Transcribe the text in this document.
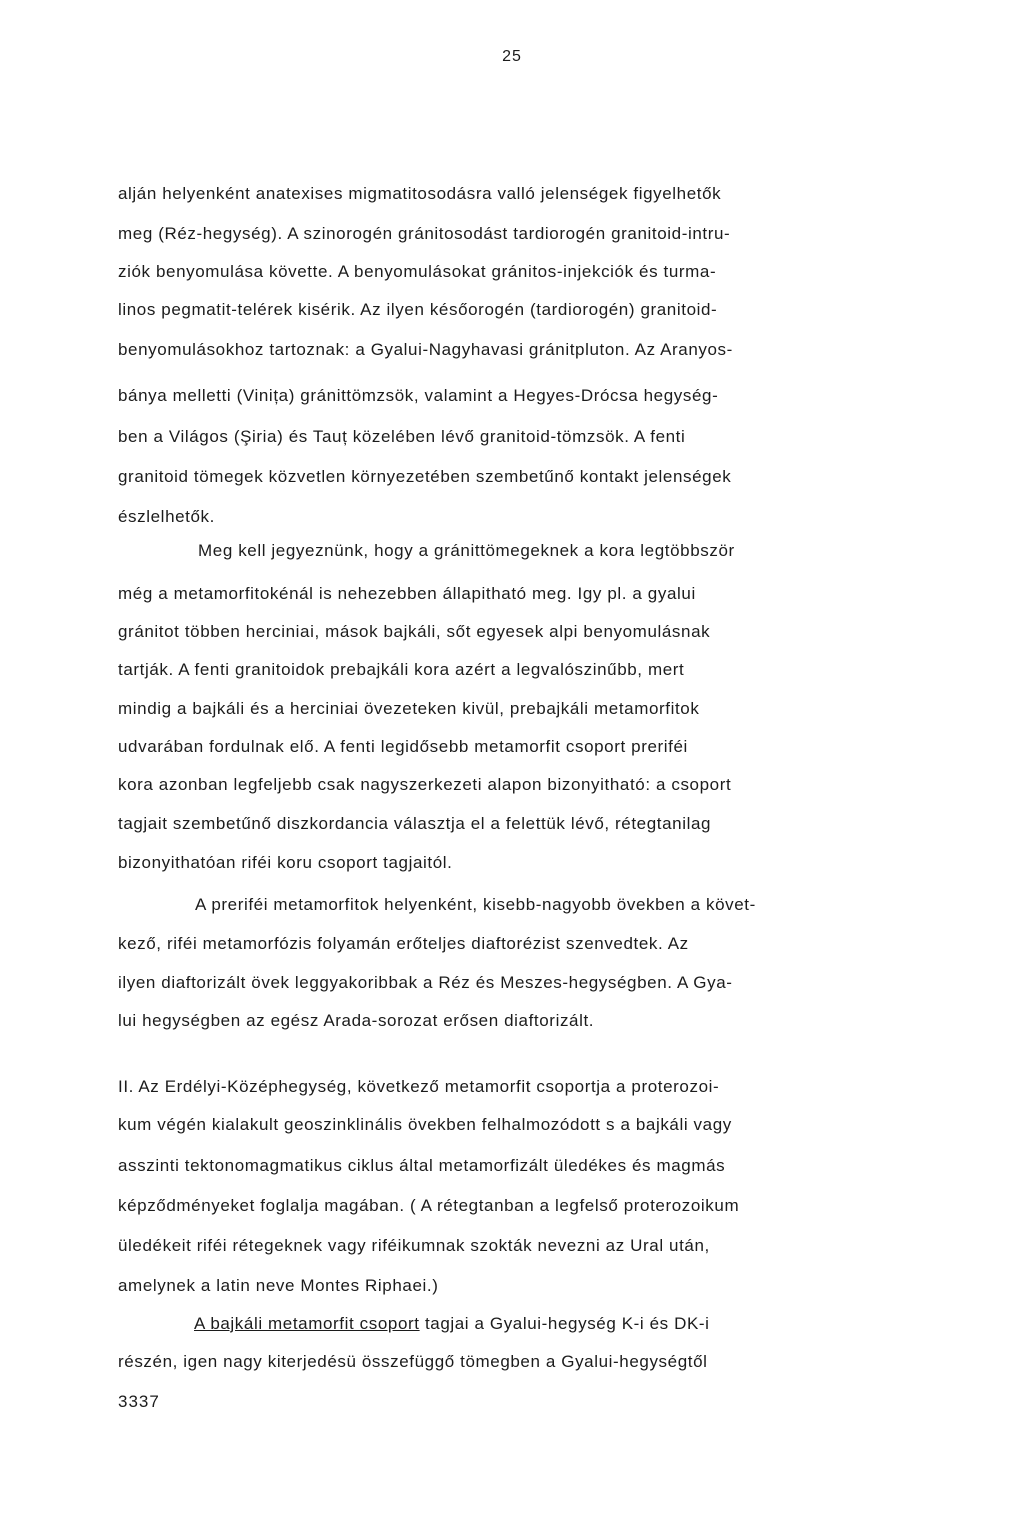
25
alján helyenként anatexises migmatitosodásra valló jelenségek figyelhetők
meg (Réz-hegység). A szinorogén gránitosodást tardiorogén granitoid-intru-
ziók benyomulása követte. A benyomulásokat gránitos-injekciók és turma-
linos pegmatit-telérek kisérik. Az ilyen későorogén (tardiorogén) granitoid-
benyomulásokhoz tartoznak: a Gyalui-Nagyhavasi gránitpluton. Az Aranyos-
bánya melletti (Vinița) gránittömzsök, valamint a Hegyes-Drócsa hegység-
ben a Világos (Şiria) és Tauț közelében lévő granitoid-tömzsök. A fenti
granitoid tömegek közvetlen környezetében szembetűnő kontakt jelenségek
észlelhetők.
Meg kell jegyeznünk, hogy a gránittömegeknek a kora legtöbbször
még a metamorfitokénál is nehezebben állapitható meg. Igy pl. a gyalui
gránitot többen herciniai, mások bajkáli, sőt egyesek alpi benyomulásnak
tartják. A fenti granitoidok prebajkáli kora azért a legvalószinűbb, mert
mindig a bajkáli és a herciniai övezeteken kivül, prebajkáli metamorfitok
udvarában fordulnak elő. A fenti legidősebb metamorfit csoport preriféi
kora azonban legfeljebb csak nagyszerkezeti alapon bizonyitható: a csoport
tagjait szembetűnő diszkordancia választja el a felettük lévő, rétegtanilag
bizonyithatóan riféi koru csoport tagjaitól.
A preriféi metamorfitok helyenként, kisebb-nagyobb övekben a követ-
kező, riféi metamorfózis folyamán erőteljes diaftorézist szenvedtek. Az
ilyen diaftorizált övek leggyakoribbak a Réz és Meszes-hegységben. A Gya-
lui hegységben az egész Arada-sorozat erősen diaftorizált.
II. Az Erdélyi-Középhegység, következő metamorfit csoportja a proterozoi-
kum végén kialakult geoszinklinális övekben felhalmozódott s a bajkáli vagy
asszinti tektonomagmatikus ciklus által metamorfizált üledékes és magmás
képződményeket foglalja magában. ( A rétegtanban a legfelső proterozoikum
üledékeit riféi rétegeknek vagy riféikumnak szokták nevezni az Ural után,
amelynek a latin neve Montes Riphaei.)
A bajkáli metamorfit csoport tagjai a Gyalui-hegység K-i és DK-i
részén, igen nagy kiterjedésü összefüggő tömegben a Gyalui-hegységtől
3337
